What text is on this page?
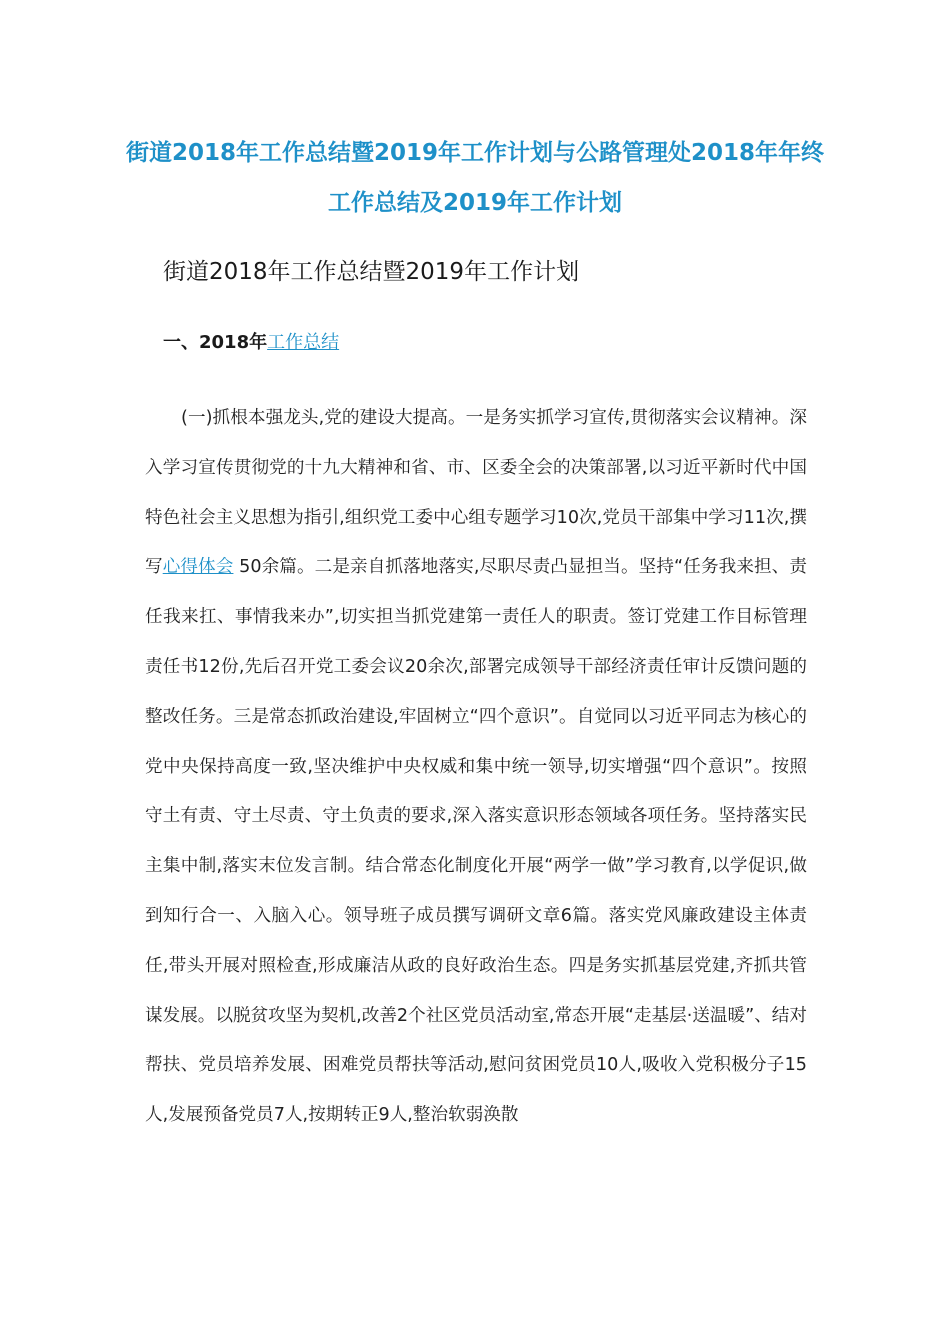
街道2018年工作总结暨2019年工作计划与公路管理处2018年年终工作总结及2019年工作计划
街道2018年工作总结暨2019年工作计划
一、2018年工作总结

(一)抓根本强龙头,党的建设大提高。一是务实抓学习宣传,贯彻落实会议精神。深入学习宣传贯彻党的十九大精神和省、市、区委全会的决策部署,以习近平新时代中国特色社会主义思想为指引,组织党工委中心组专题学习10次,党员干部集中学习11次,撰写心得体会 50余篇。二是亲自抓落地落实,尽职尽责凸显担当。坚持“任务我来担、责任我来扛、事情我来办”,切实担当抓党建第一责任人的职责。签订党建工作目标管理责任书12份,先后召开党工委会议20余次,部署完成领导干部经济责任审计反馈问题的整改任务。三是常态抓政治建设,牢固树立“四个意识”。自觉同以习近平同志为核心的党中央保持高度一致,坚决维护中央权威和集中统一领导,切实增强“四个意识”。按照守土有责、守土尽责、守土负责的要求,深入落实意识形态领域各项任务。坚持落实民主集中制,落实末位发言制。结合常态化制度化开展“两学一做”学习教育,以学促识,做到知行合一、入脑入心。领导班子成员撰写调研文章6篇。落实党风廉政建设主体责任,带头开展对照检查,形成廉洁从政的良好政治生态。四是务实抓基层党建,齐抓共管谋发展。以脱贫攻坚为契机,改善2个社区党员活动室,常态开展“走基层·送温暖”、结对帮扶、党员培养发展、困难党员帮扶等活动,慰问贫困党员10人,吸收入党积极分子15人,发展预备党员7人,按期转正9人,整治软弱涣散
